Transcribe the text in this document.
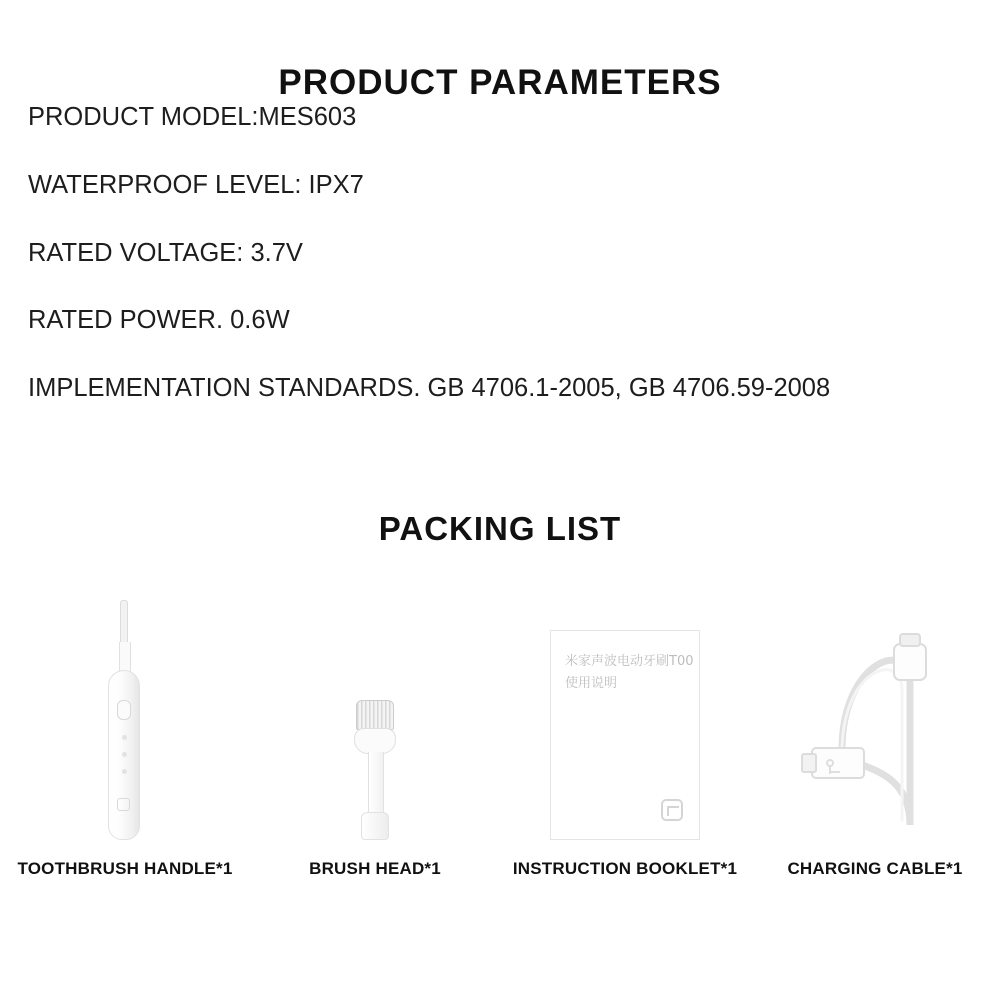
PRODUCT PARAMETERS
PRODUCT MODEL:MES603
WATERPROOF LEVEL: IPX7
RATED VOLTAGE: 3.7V
RATED POWER. 0.6W
IMPLEMENTATION STANDARDS. GB 4706.1-2005, GB 4706.59-2008
PACKING LIST
TOOTHBRUSH HANDLE*1	BRUSH HEAD*1
米家声波电动牙刷T00
使用说明
INSTRUCTION BOOKLET*1	CHARGING CABLE*1
